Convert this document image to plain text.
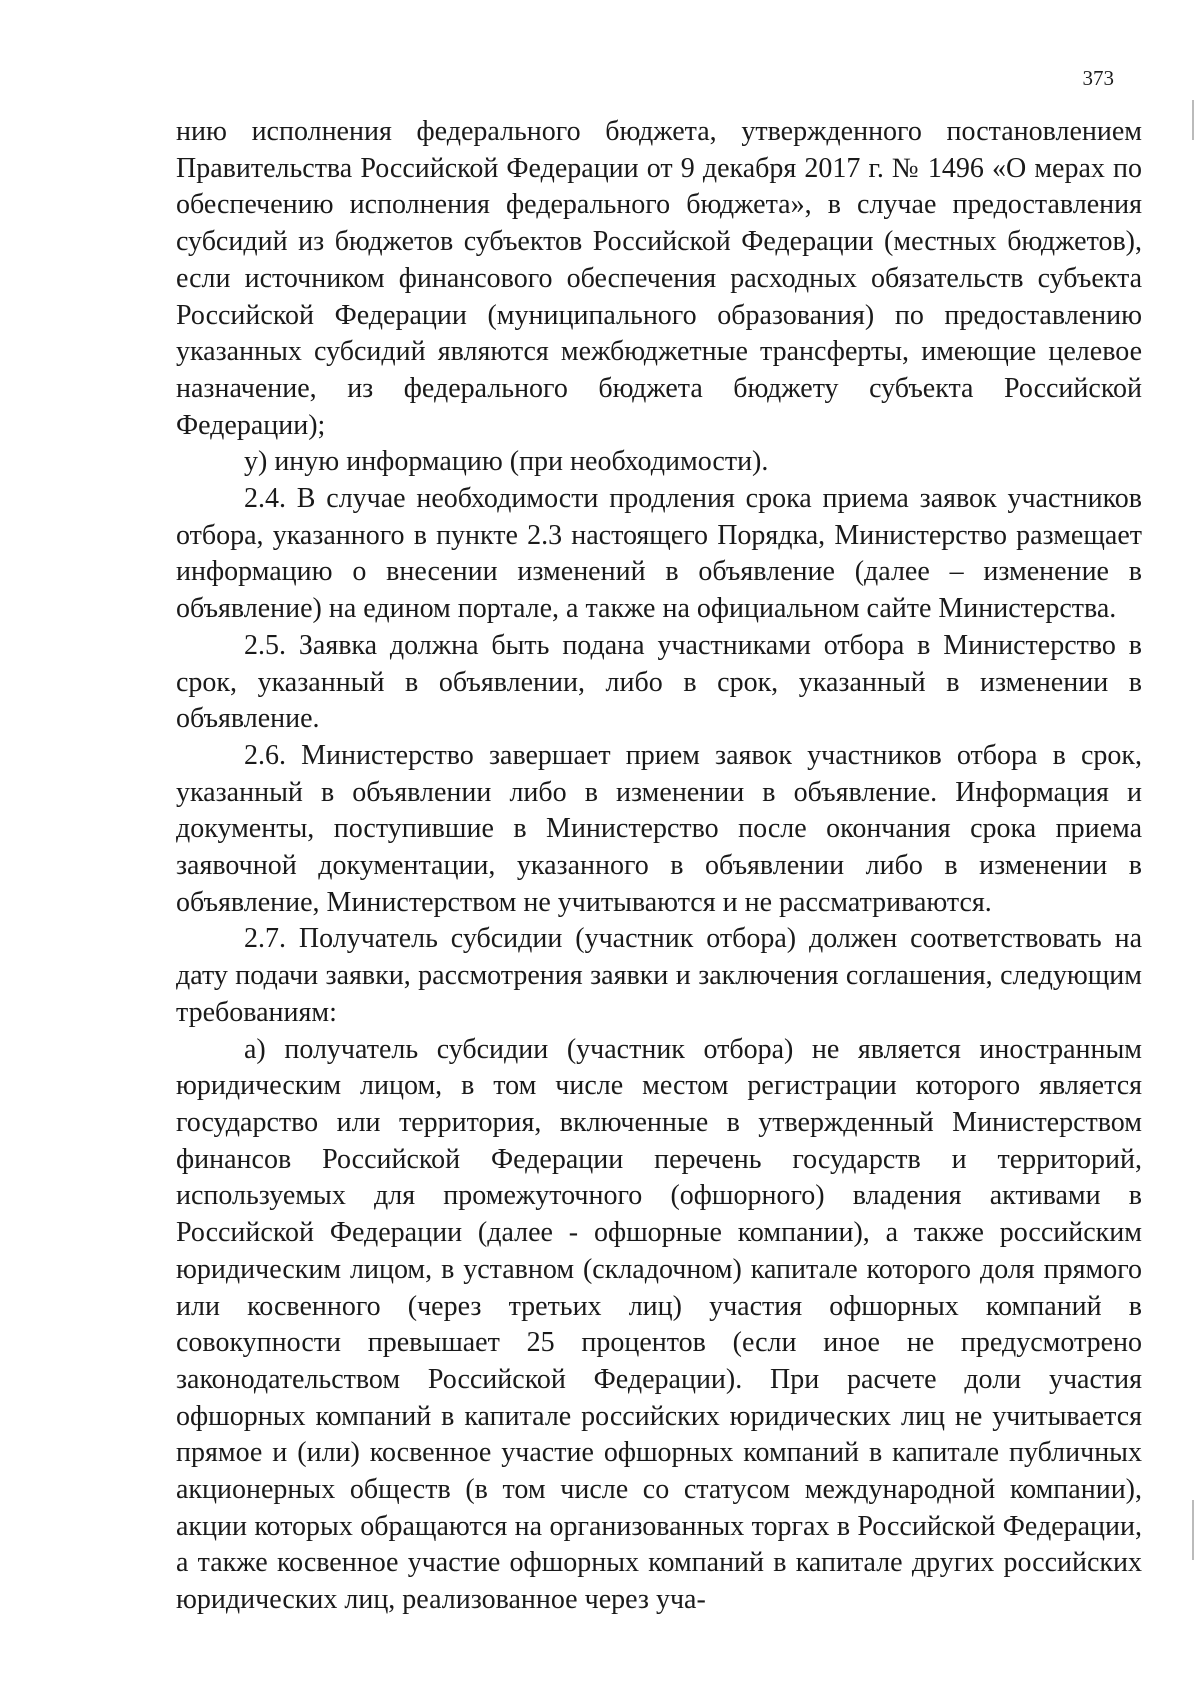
373

нию исполнения федерального бюджета, утвержденного постановлением Правительства Российской Федерации от 9 декабря 2017 г. № 1496 «О мерах по обеспечению исполнения федерального бюджета», в случае предоставления субсидий из бюджетов субъектов Российской Федерации (местных бюджетов), если источником финансового обеспечения расходных обязательств субъекта Российской Федерации (муниципального образования) по предоставлению указанных субсидий являются межбюджетные трансферты, имеющие целевое назначение, из федерального бюджета бюджету субъекта Российской Федерации);

у) иную информацию (при необходимости).

2.4. В случае необходимости продления срока приема заявок участников отбора, указанного в пункте 2.3 настоящего Порядка, Министерство размещает информацию о внесении изменений в объявление (далее – изменение в объявление) на едином портале, а также на официальном сайте Министерства.

2.5. Заявка должна быть подана участниками отбора в Министерство в срок, указанный в объявлении, либо в срок, указанный в изменении в объявление.

2.6. Министерство завершает прием заявок участников отбора в срок, указанный в объявлении либо в изменении в объявление. Информация и документы, поступившие в Министерство после окончания срока приема заявочной документации, указанного в объявлении либо в изменении в объявление, Министерством не учитываются и не рассматриваются.

2.7. Получатель субсидии (участник отбора) должен соответствовать на дату подачи заявки, рассмотрения заявки и заключения соглашения, следующим требованиям:

а) получатель субсидии (участник отбора) не является иностранным юридическим лицом, в том числе местом регистрации которого является государство или территория, включенные в утвержденный Министерством финансов Российской Федерации перечень государств и территорий, используемых для промежуточного (офшорного) владения активами в Российской Федерации (далее - офшорные компании), а также российским юридическим лицом, в уставном (складочном) капитале которого доля прямого или косвенного (через третьих лиц) участия офшорных компаний в совокупности превышает 25 процентов (если иное не предусмотрено законодательством Российской Федерации). При расчете доли участия офшорных компаний в капитале российских юридических лиц не учитывается прямое и (или) косвенное участие офшорных компаний в капитале публичных акционерных обществ (в том числе со статусом международной компании), акции которых обращаются на организованных торгах в Российской Федерации, а также косвенное участие офшорных компаний в капитале других российских юридических лиц, реализованное через уча-
